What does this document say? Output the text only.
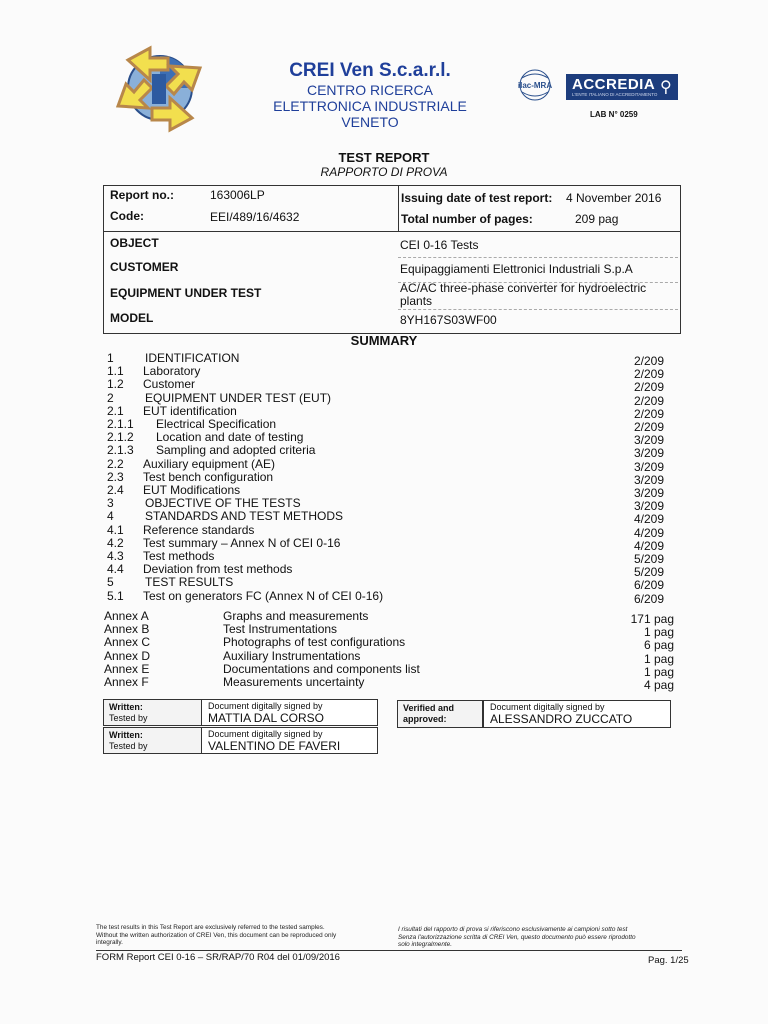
CREI Ven S.c.a.r.l.
CENTRO RICERCA
ELETTRONICA INDUSTRIALE
VENETO
ilac-MRA ACCREDIA
L'ENTE ITALIANO DI ACCREDITAMENTO ⚲
LAB N° 0259
TEST REPORT
RAPPORTO DI PROVA
Report no.:	163006LP	Issuing date of test report: 4 November 2016
Code:	EEI/489/16/4632	Total number of pages:	209 pag
OBJECT	CEI 0-16 Tests
CUSTOMER	Equipaggiamenti Elettronici Industriali S.p.A
EQUIPMENT UNDER TEST	AC/AC three-phase converter for hydroelectric
plants
MODEL	8YH167S03WF00
SUMMARY
1	IDENTIFICATION	2/209
1.1 Laboratory	2/209
1.2 Customer	2/209
2	EQUIPMENT UNDER TEST (EUT)	2/209
2.1 EUT identification	2/209
2.1.1 Electrical Specification	2/209
2.1.2 Location and date of testing	3/209
2.1.3 Sampling and adopted criteria	3/209
2.2 Auxiliary equipment (AE)	3/209
2.3 Test bench configuration	3/209
2.4 EUT Modifications	3/209
3	OBJECTIVE OF THE TESTS	3/209
4	STANDARDS AND TEST METHODS	4/209
4.1 Reference standards	4/209
4.2 Test summary – Annex N of CEI 0-16	4/209
4.3 Test methods	5/209
4.4 Deviation from test methods	5/209
5	TEST RESULTS	6/209
5.1 Test on generators FC (Annex N of CEI 0-16)	6/209
Annex A	Graphs and measurements	171 pag
Annex B	Test Instrumentations	1 pag
Annex C	Photographs of test configurations	6 pag
Annex D	Auxiliary Instrumentations	1 pag
Annex E	Documentations and components list	1 pag
Annex F	Measurements uncertainty	4 pag
Written:
Tested by
Document digitally signed by
MATTIA DAL CORSO
Written:
Tested by
Document digitally signed by
VALENTINO DE FAVERI
Verified and
approved:
Document digitally signed by
ALESSANDRO ZUCCATO
The test results in this Test Report are exclusively referred to the tested samples.
Without the written authorization of CREI Ven, this document can be reproduced only
integrally.
I risultati del rapporto di prova si riferiscono esclusivamente ai campioni sotto test
Senza l'autorizzazione scritta di CREI Ven, questo documento può essere riprodotto
solo integralmente.
FORM Report CEI 0-16 – SR/RAP/70 R04 del 01/09/2016	Pag. 1/25
